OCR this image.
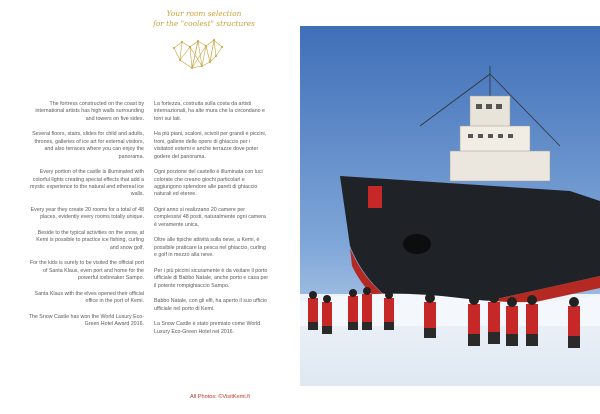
Your room selection
for the "coolest" structures

The fortress constructed on the coast by international artists has high walls surrounding and towers on five sides.

Several floors, stairs, slides for child and adults, thrones, galleries of ice art for external visitors, and also terraces where you can enjoy the panorama.

Every portion of the castle is illuminated with colorful lights creating special effects that add a mystic experience to the natural and ethereal ice walls.

Every year they create 20 rooms for a total of 48 places, evidently every rooms totally unique.

Beside to the typical activities on the snow, at Kemi is possible to practice ice fishing, curling and snow golf.

For the kids is surely to be visited the official port of Santa Klaus, even port and home for the powerful icebreaker Sampo.

Santa Klaus with the elves opened their official office in the port of Kemi.

The Snow Castle has won the World Luxury Eco-Green Hotel Award 2016.

La fortezza, costruita sulla costa da artisti internazionali, ha alte mura che la circondano e torri sui lati.

Ha più piani, scaloni, scivoli per grandi e piccini, troni, gallerie delle opere di ghiaccio per i visitatori esterni e anche terrazze dove poter godere del panorama.

Ogni porzione del castello è illuminata con luci colorate che creano giochi particolari e aggiungono splendore alle pareti di ghiaccio naturali ed eteree.

Ogni anno si realizzano 20 camere per complessivi 48 posti, naturalmente ogni camera è veramente unica.

Oltre alle tipiche attività sulla neve, a Kemi, è possibile praticare la pesca nel ghiaccio, curling e golf in mezzo alla neve.

Per i più piccini sicuramente è da visitare il porto ufficiale di Babbo Natale, anche porto e casa per il potente rompighiaccio Sampo.

Babbo Natale, con gli elfi, ha aperto il suo ufficio ufficiale nel porto di Kemi.

La Snow Castle è stato premiato come World Luxury Eco-Green Hotel nel 2016.

All Photos: ©VisitKemi.fi
